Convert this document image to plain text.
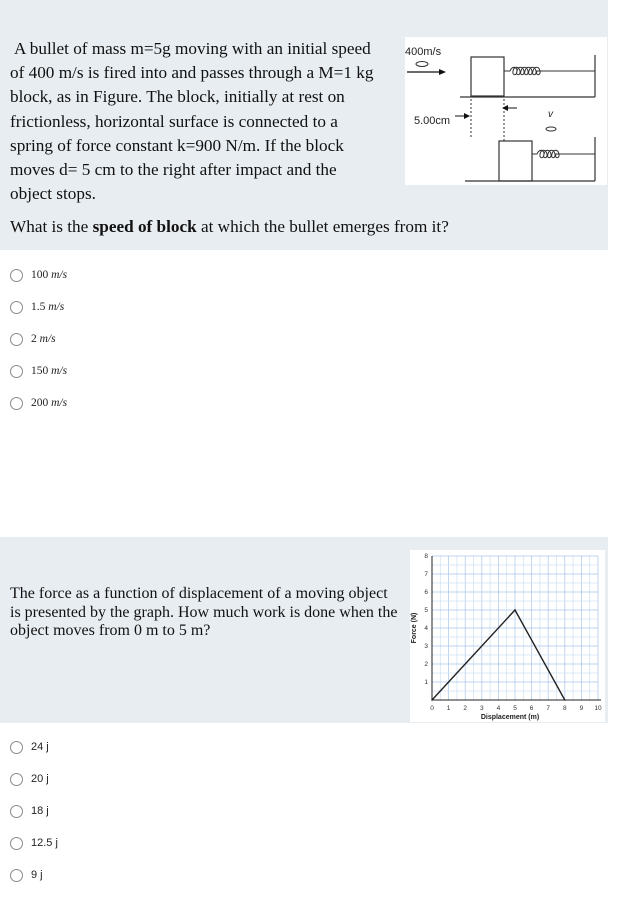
A bullet of mass m=5g moving with an initial speed
of 400 m/s is fired into and passes through a M=1 kg
block, as in Figure. The block, initially at rest on
frictionless, horizontal surface is connected to a
spring of force constant k=900 N/m. If the block
moves d= 5 cm to the right after impact and the
object stops.
400m/s
5.00cm
v
What is the speed of block at which the bullet emerges from it?
100 m/s
1.5 m/s
2 m/s
150 m/s
200 m/s
The force as a function of displacement of a moving object
is presented by the graph. How much work is done when the
object moves from 0 m to 5 m?
0 1 2 3 4 5 6 7 8 9 10
1
2
3
4
5
6
7
8
Displacement (m)
Force (N)
24 j
20 j
18 j
12.5 j
9 j
